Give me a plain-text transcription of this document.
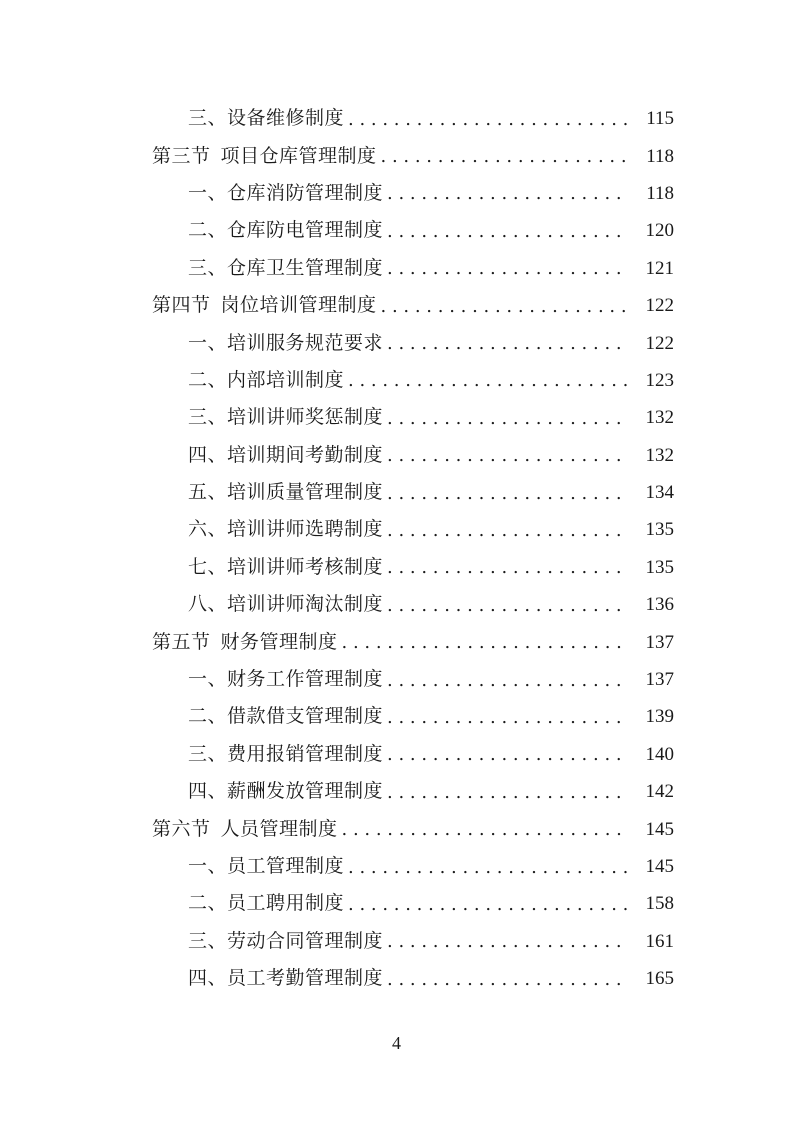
三、设备维修制度 . . .	115
第三节 项目仓库管理制度 . . .	118
一、仓库消防管理制度 . . .	118
二、仓库防电管理制度 . . .	120
三、仓库卫生管理制度 . . .	121
第四节 岗位培训管理制度 . . .	122
一、培训服务规范要求 . . .	122
二、内部培训制度 . . .	123
三、培训讲师奖惩制度 . . .	132
四、培训期间考勤制度 . . .	132
五、培训质量管理制度 . . .	134
六、培训讲师选聘制度 . . .	135
七、培训讲师考核制度 . . .	135
八、培训讲师淘汰制度 . . .	136
第五节 财务管理制度 . . .	137
一、财务工作管理制度 . . .	137
二、借款借支管理制度 . . .	139
三、费用报销管理制度 . . .	140
四、薪酬发放管理制度 . . .	142
第六节 人员管理制度 . . .	145
一、员工管理制度 . . .	145
二、员工聘用制度 . . .	158
三、劳动合同管理制度 . . .	161
四、员工考勤管理制度 . . .	165
4
